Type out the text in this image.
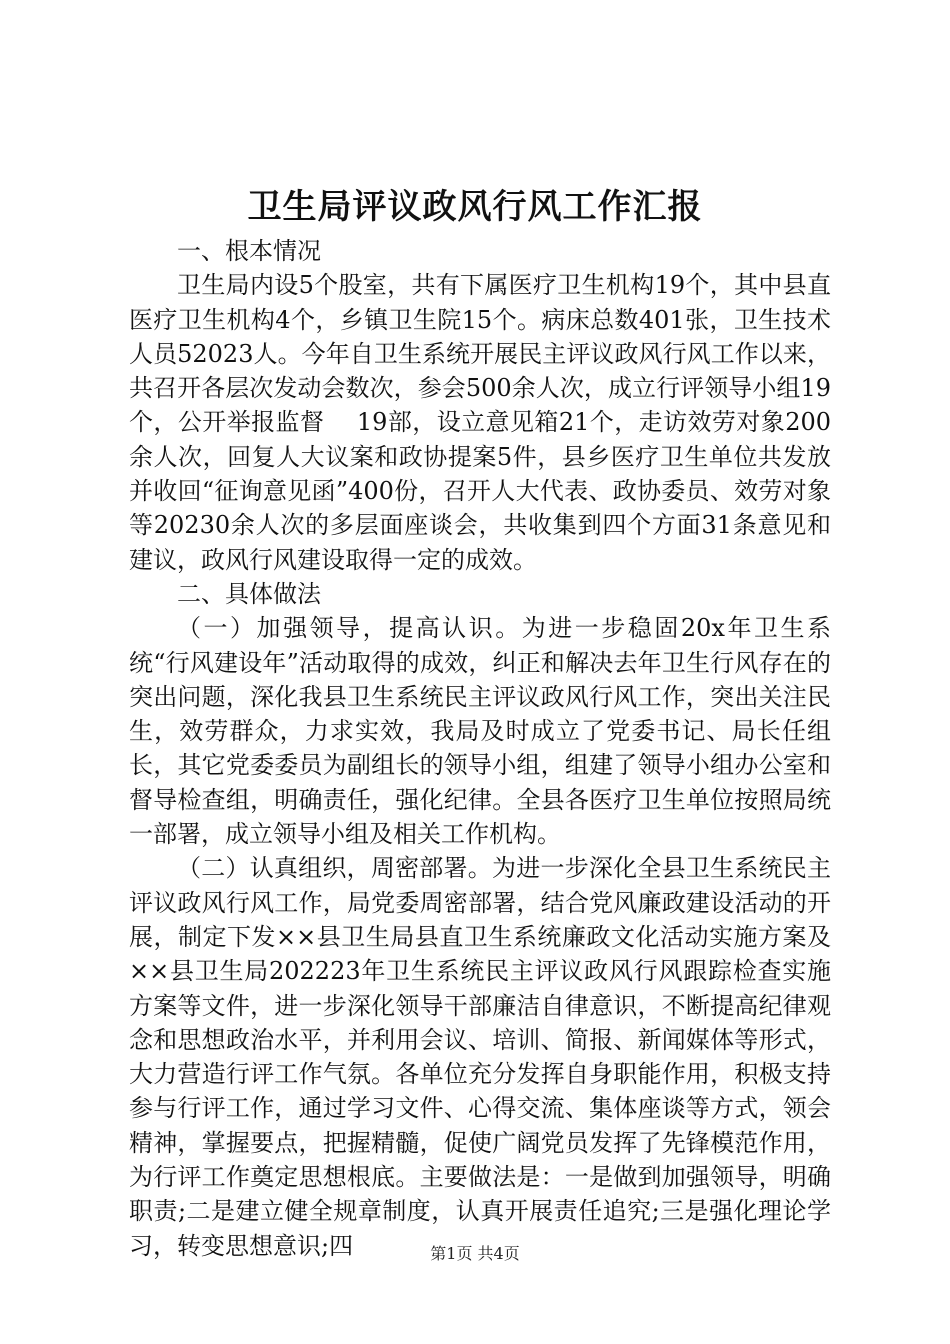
卫生局评议政风行风工作汇报

一、根本情况

卫生局内设5个股室，共有下属医疗卫生机构19个，其中县直医疗卫生机构4个，乡镇卫生院15个。病床总数401张，卫生技术人员52023人。今年自卫生系统开展民主评议政风行风工作以来，共召开各层次发动会数次，参会500余人次，成立行评领导小组19个，公开举报监督　 19部，设立意见箱21个，走访效劳对象200余人次，回复人大议案和政协提案5件，县乡医疗卫生单位共发放并收回“征询意见函”400份，召开人大代表、政协委员、效劳对象等20230余人次的多层面座谈会，共收集到四个方面31条意见和建议，政风行风建设取得一定的成效。

二、具体做法

（一）加强领导，提高认识。为进一步稳固20x年卫生系统“行风建设年”活动取得的成效，纠正和解决去年卫生行风存在的突出问题，深化我县卫生系统民主评议政风行风工作，突出关注民生，效劳群众，力求实效，我局及时成立了党委书记、局长任组长，其它党委委员为副组长的领导小组，组建了领导小组办公室和督导检查组，明确责任，强化纪律。全县各医疗卫生单位按照局统一部署，成立领导小组及相关工作机构。

（二）认真组织，周密部署。为进一步深化全县卫生系统民主评议政风行风工作，局党委周密部署，结合党风廉政建设活动的开展，制定下发××县卫生局县直卫生系统廉政文化活动实施方案及××县卫生局202223年卫生系统民主评议政风行风跟踪检查实施方案等文件，进一步深化领导干部廉洁自律意识，不断提高纪律观念和思想政治水平，并利用会议、培训、简报、新闻媒体等形式，大力营造行评工作气氛。各单位充分发挥自身职能作用，积极支持参与行评工作，通过学习文件、心得交流、集体座谈等方式，领会精神，掌握要点，把握精髓，促使广阔党员发挥了先锋模范作用，为行评工作奠定思想根底。主要做法是：一是做到加强领导，明确职责;二是建立健全规章制度，认真开展责任追究;三是强化理论学习，转变思想意识;四	第1页 共4页
